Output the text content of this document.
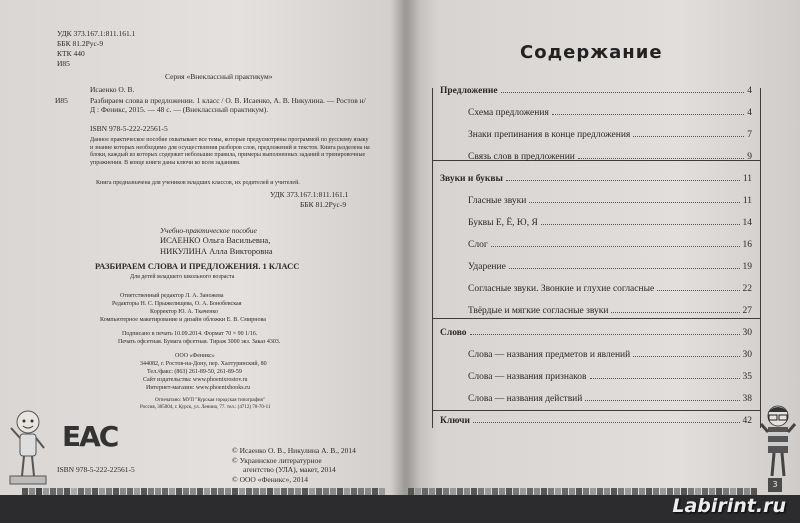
УДК 373.167.1:811.161.1
ББК 81.2Рус-9
КТК 440
И85
Серия «Внеклассный практикум»
Исаенко О. В.
И85	Разбираем слова в предложении. 1 класс / О. В. Исаенко, А. В. Никулина. — Ростов н/Д : Феникс, 2015. — 48 с. — (Внеклассный практикум).
ISBN 978-5-222-22561-5
Данное практическое пособие охватывает все темы, которые предусмотрены программой по русскому языку и знание которых необходимо для осуществления разборов слов, предложений и текстов. Книга разделена на блоки, каждый из которых содержит небольшие правила, примеры выполненных заданий и тренировочные упражнения. В конце книги даны ключи ко всем заданиям.
Книга предназначена для учеников младших классов, их родителей и учителей.
УДК 373.167.1:811.161.1
ББК 81.2Рус-9
Учебно-практическое пособие
ИСАЕНКО Ольга Васильевна,
НИКУЛИНА Алла Викторовна
РАЗБИРАЕМ СЛОВА И ПРЕДЛОЖЕНИЯ. 1 КЛАСС
Для детей младшего школьного возраста
Ответственный редактор Л. А. Заножева
Редакторы Н. С. Прыжелищева, О. А. Бонобевская
Корректор Ю. А. Ткаченко
Компьютерное макетирование и дизайн обложки Е. В. Смирнова
Подписано в печать 10.09.2014. Формат 70 × 90 1/16.
Печать офсетная. Бумага офсетная. Тираж 3000 экз. Заказ 4303.
ООО «Феникс»
344082, г. Ростов-на-Дону, пер. Халтуринский, 80
Тел./факс: (863) 261-89-50, 261-89-59
Сайт издательства: www.phoenixrostov.ru
Интернет-магазин: www.phoenixbooks.ru
Отпечатано: МУП "Курская городская типография"
Россия, 305004, г. Курск, ул. Ленина, 77. тел.: (4712) 70-70-11
ЕАС
ISBN 978-5-222-22561-5
© Исаенко О. В., Никулина А. В., 2014
© Украинское литературное
агентство (УЛА), макет, 2014
© ООО «Феникс», 2014
Содержание
Предложение	4
Схема предложения	4
Знаки препинания в конце предложения	7
Связь слов в предложении	9
Звуки и буквы	11
Гласные звуки	11
Буквы Е, Ё, Ю, Я	14
Слог	16
Ударение	19
Согласные звуки. Звонкие и глухие согласные	22
Твёрдые и мягкие согласные звуки	27
Слово	30
Слова — названия предметов и явлений	30
Слова — названия признаков	35
Слова — названия действий	38
Ключи	42
3
Labirint.ru
